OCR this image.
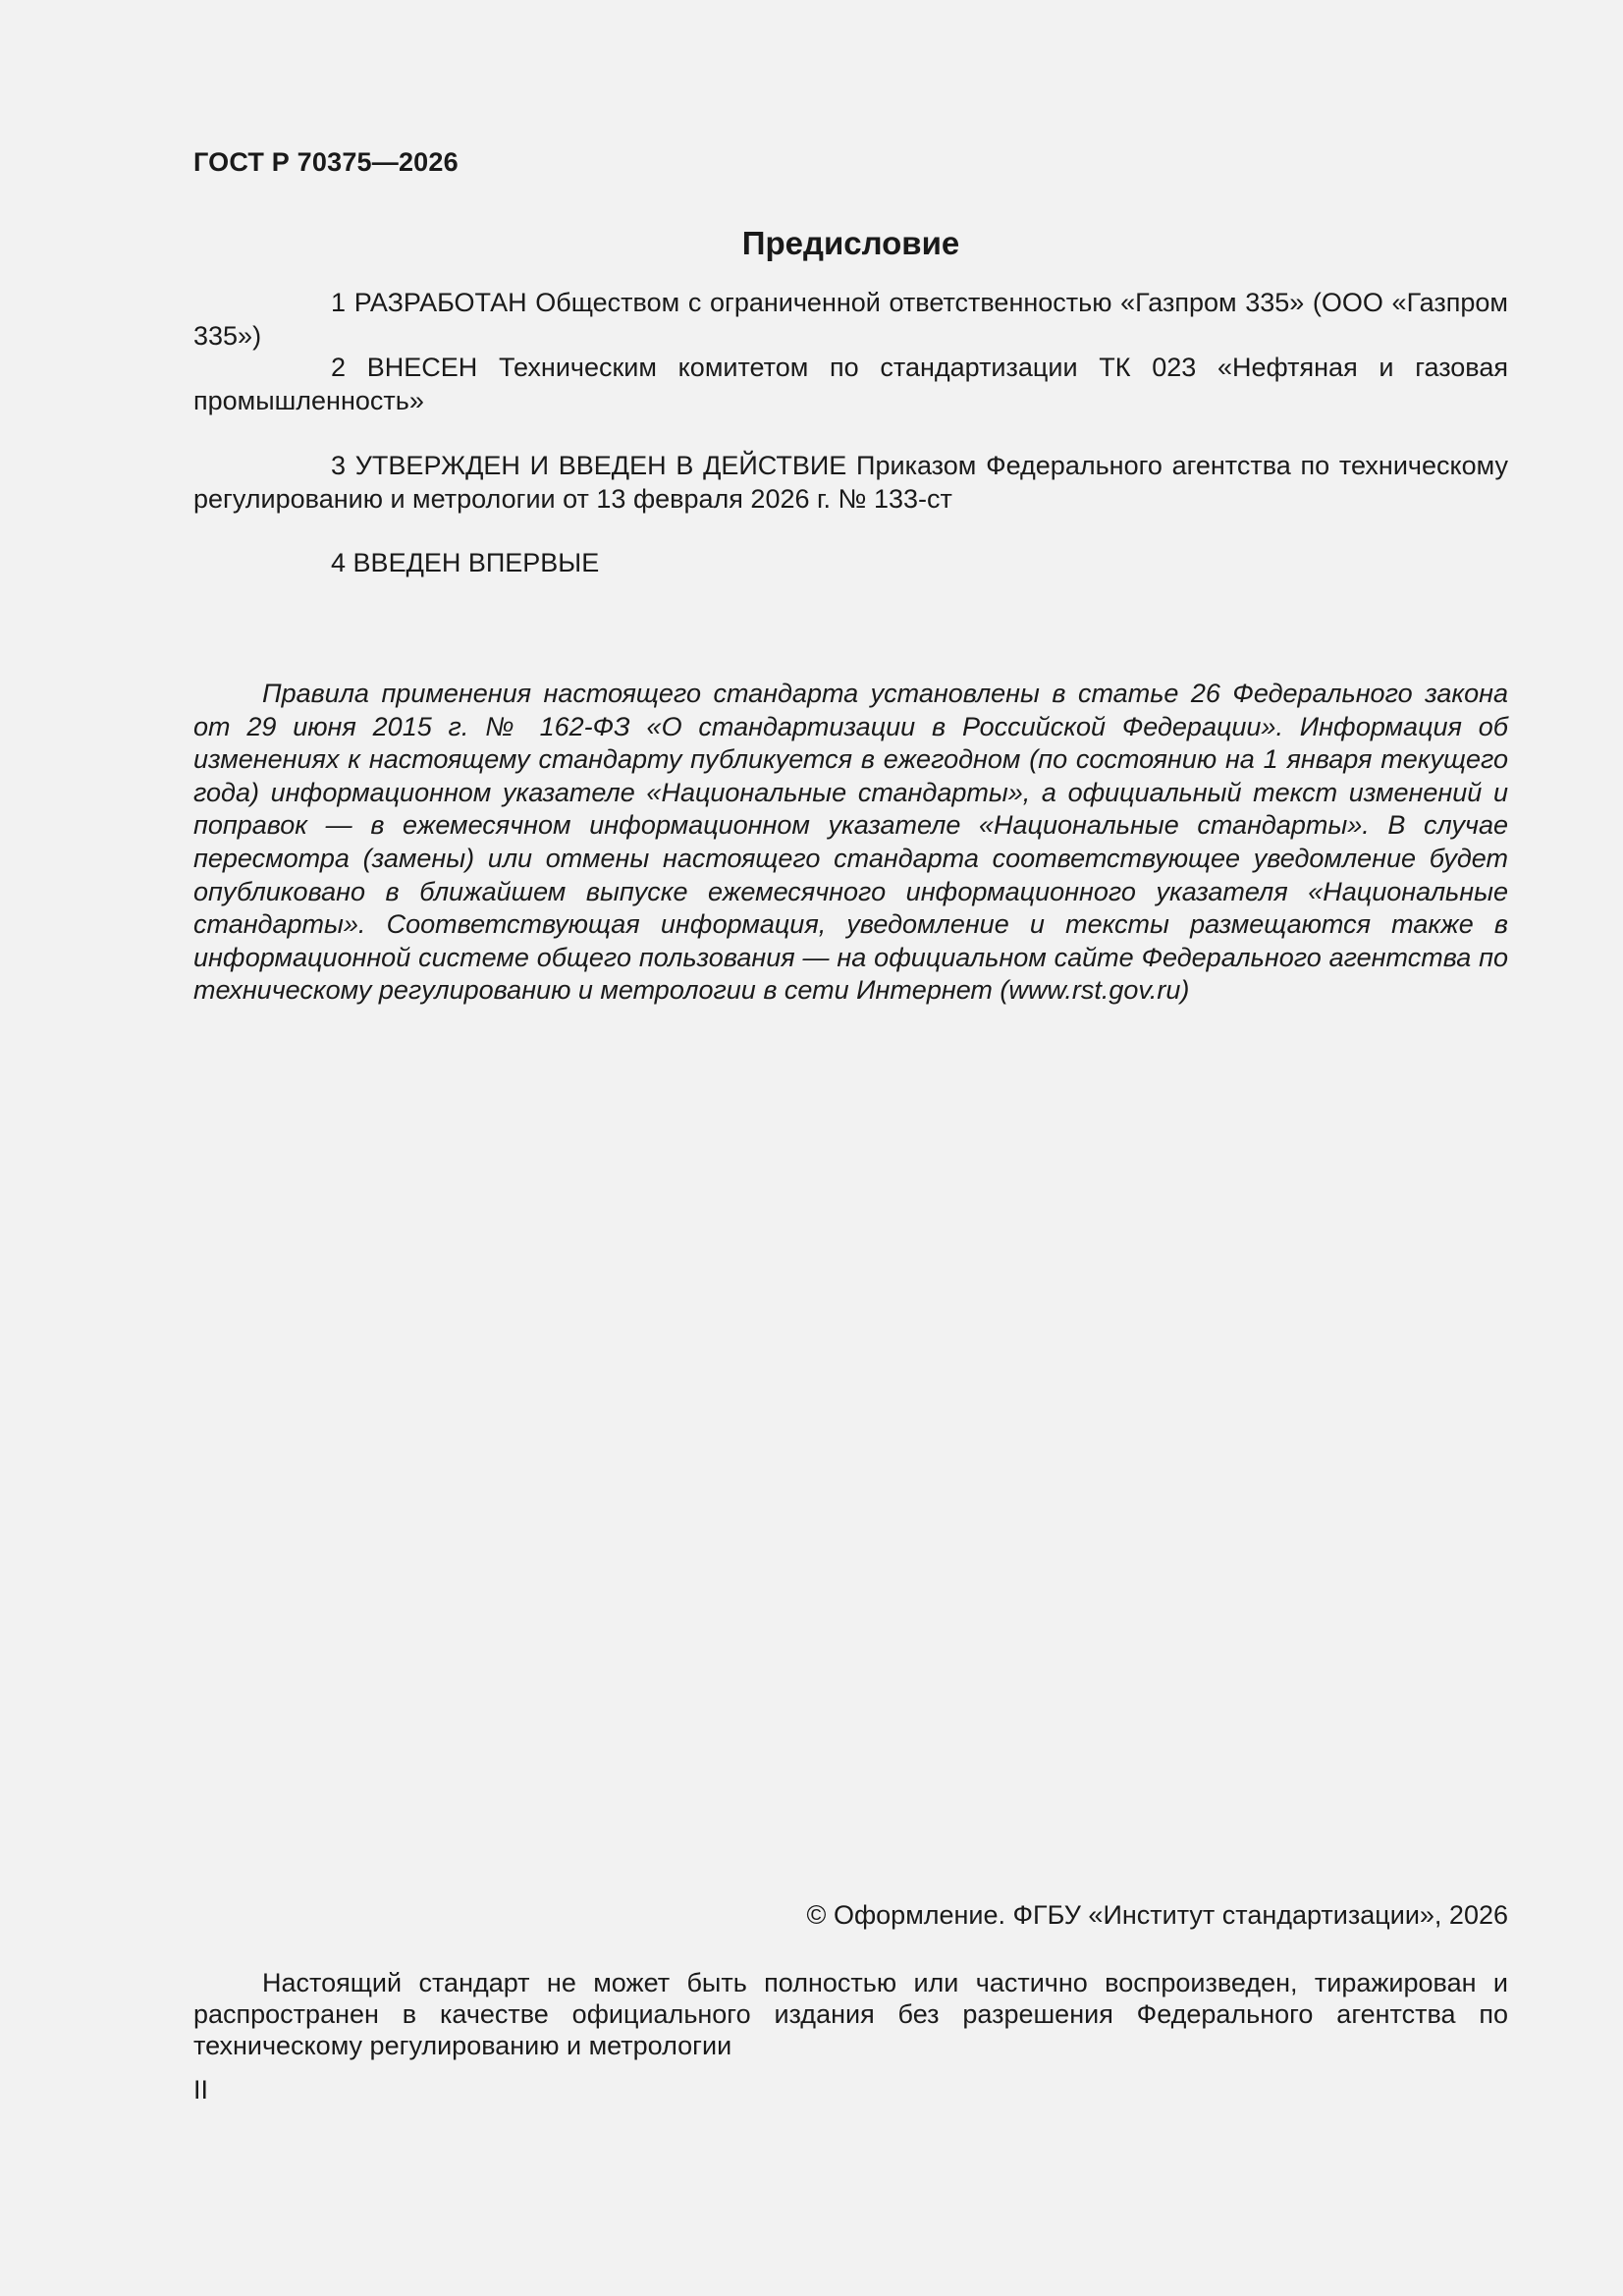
ГОСТ Р 70375—2026

Предисловие

1 РАЗРАБОТАН Обществом с ограниченной ответственностью «Газпром 335» (ООО «Газпром 335»)

2 ВНЕСЕН Техническим комитетом по стандартизации ТК 023 «Нефтяная и газовая промышленность»

3 УТВЕРЖДЕН И ВВЕДЕН В ДЕЙСТВИЕ Приказом Федерального агентства по техническому регулированию и метрологии от 13 февраля 2026 г. № 133-ст

4 ВВЕДЕН ВПЕРВЫЕ

Правила применения настоящего стандарта установлены в статье 26 Федерального закона от 29 июня 2015 г. № 162-ФЗ «О стандартизации в Российской Федерации». Информация об изменениях к настоящему стандарту публикуется в ежегодном (по состоянию на 1 января текущего года) информационном указателе «Национальные стандарты», а официальный текст изменений и поправок — в ежемесячном информационном указателе «Национальные стандарты». В случае пересмотра (замены) или отмены настоящего стандарта соответствующее уведомление будет опубликовано в ближайшем выпуске ежемесячного информационного указателя «Национальные стандарты». Соответствующая информация, уведомление и тексты размещаются также в информационной системе общего пользования — на официальном сайте Федерального агентства по техническому регулированию и метрологии в сети Интернет (www.rst.gov.ru)

© Оформление. ФГБУ «Институт стандартизации», 2026

Настоящий стандарт не может быть полностью или частично воспроизведен, тиражирован и распространен в качестве официального издания без разрешения Федерального агентства по техническому регулированию и метрологии

II
